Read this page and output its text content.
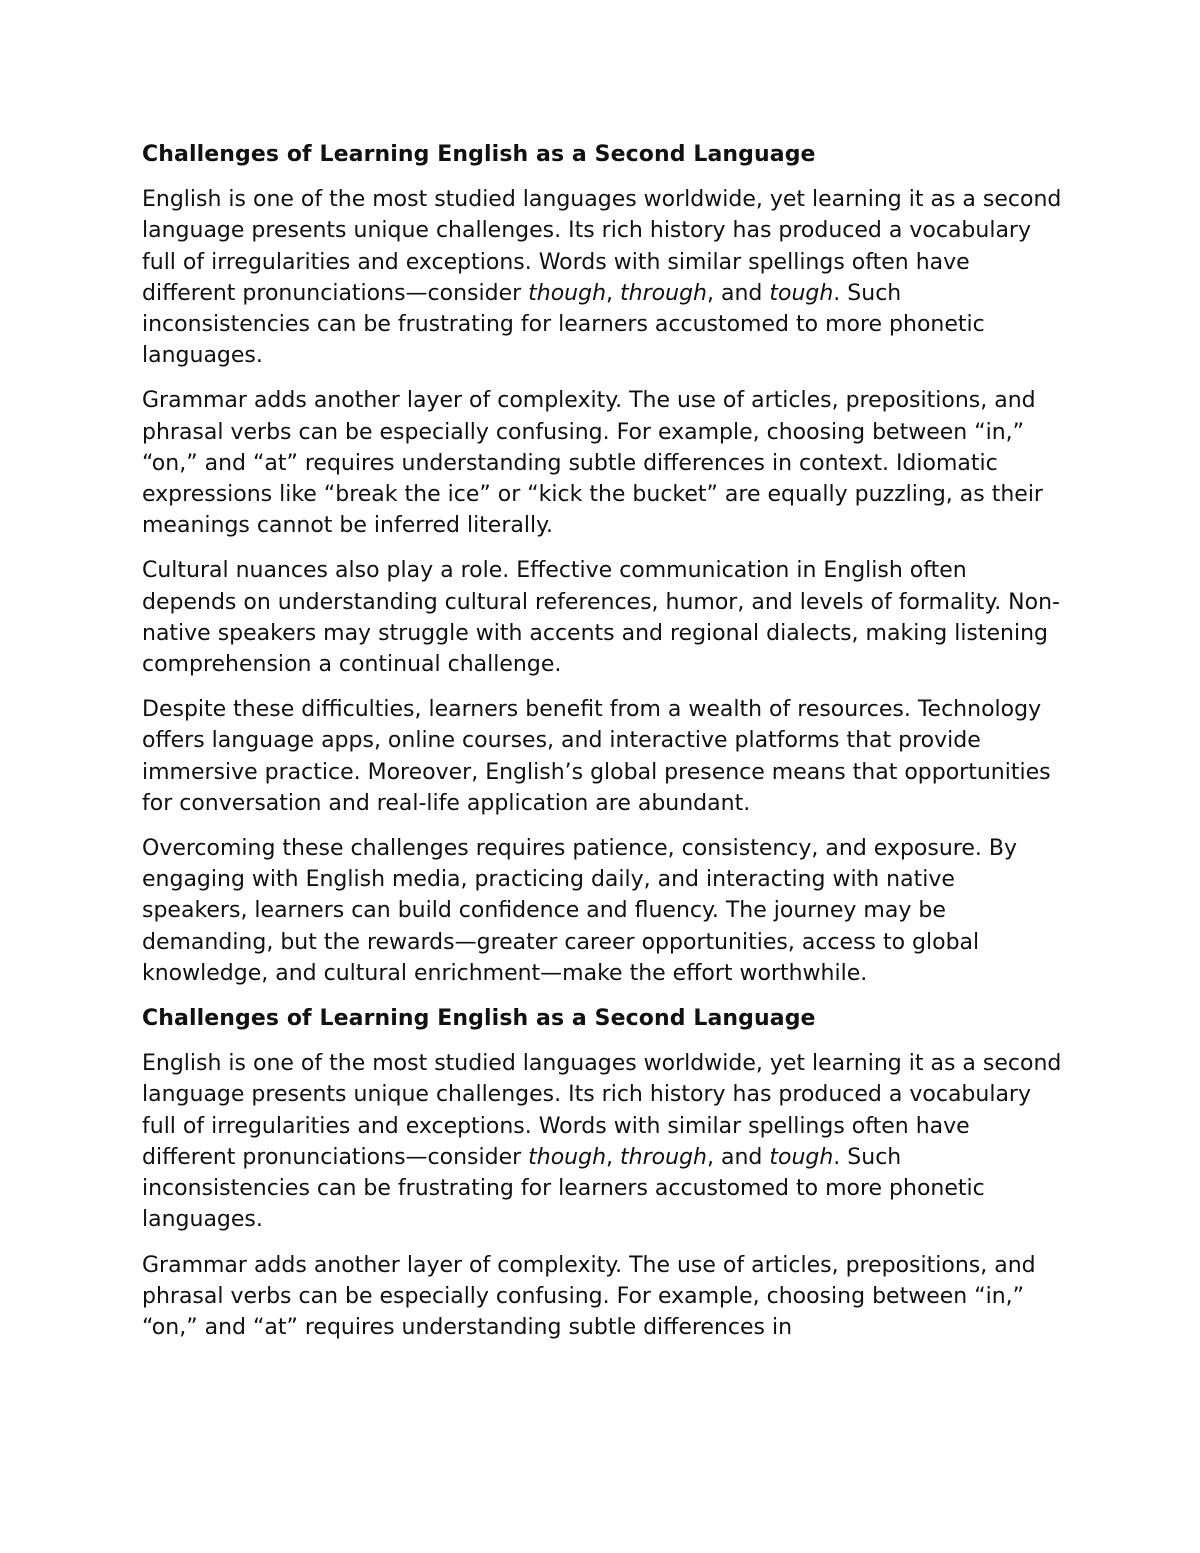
Challenges of Learning English as a Second Language
English is one of the most studied languages worldwide, yet learning it as a second language presents unique challenges. Its rich history has produced a vocabulary full of irregularities and exceptions. Words with similar spellings often have different pronunciations—consider though, through, and tough. Such inconsistencies can be frustrating for learners accustomed to more phonetic languages.
Grammar adds another layer of complexity. The use of articles, prepositions, and phrasal verbs can be especially confusing. For example, choosing between “in,” “on,” and “at” requires understanding subtle differences in context. Idiomatic expressions like “break the ice” or “kick the bucket” are equally puzzling, as their meanings cannot be inferred literally.
Cultural nuances also play a role. Effective communication in English often depends on understanding cultural references, humor, and levels of formality. Non-native speakers may struggle with accents and regional dialects, making listening comprehension a continual challenge.
Despite these difficulties, learners benefit from a wealth of resources. Technology offers language apps, online courses, and interactive platforms that provide immersive practice. Moreover, English’s global presence means that opportunities for conversation and real-life application are abundant.
Overcoming these challenges requires patience, consistency, and exposure. By engaging with English media, practicing daily, and interacting with native speakers, learners can build confidence and fluency. The journey may be demanding, but the rewards—greater career opportunities, access to global knowledge, and cultural enrichment—make the effort worthwhile.
Challenges of Learning English as a Second Language
English is one of the most studied languages worldwide, yet learning it as a second language presents unique challenges. Its rich history has produced a vocabulary full of irregularities and exceptions. Words with similar spellings often have different pronunciations—consider though, through, and tough. Such inconsistencies can be frustrating for learners accustomed to more phonetic languages.
Grammar adds another layer of complexity. The use of articles, prepositions, and phrasal verbs can be especially confusing. For example, choosing between “in,” “on,” and “at” requires understanding subtle differences in
